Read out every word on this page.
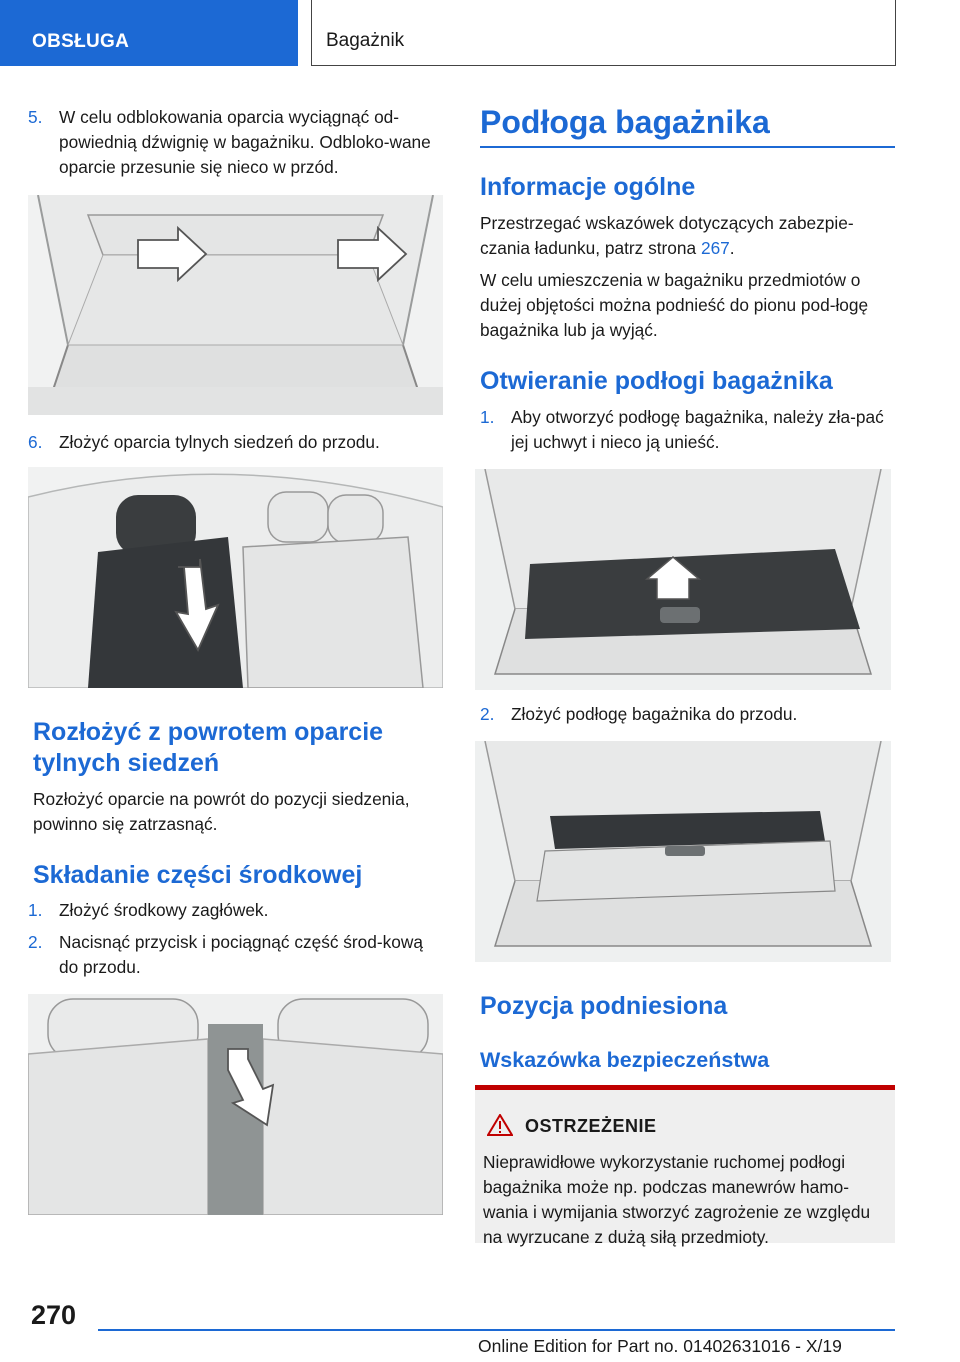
OBSŁUGA	Bagażnik
5. W celu odblokowania oparcia wyciągnąć od-powiednią dźwignię w bagażniku. Odbloko-wane oparcie przesunie się nieco w przód.
6. Złożyć oparcia tylnych siedzeń do przodu.
Rozłożyć z powrotem oparcie tylnych siedzeń
Rozłożyć oparcie na powrót do pozycji siedzenia, powinno się zatrzasnąć.
Składanie części środkowej
1. Złożyć środkowy zagłówek.
2. Nacisnąć przycisk i pociągnąć część środ-kową do przodu.
Podłoga bagażnika
Informacje ogólne
Przestrzegać wskazówek dotyczących zabezpie-czania ładunku, patrz strona 267.
W celu umieszczenia w bagażniku przedmiotów o dużej objętości można podnieść do pionu pod-łogę bagażnika lub ja wyjąć.
Otwieranie podłogi bagażnika
1. Aby otworzyć podłogę bagażnika, należy zła-pać jej uchwyt i nieco ją unieść.
2. Złożyć podłogę bagażnika do przodu.
Pozycja podniesiona
Wskazówka bezpieczeństwa
OSTRZEŻENIE
Nieprawidłowe wykorzystanie ruchomej podłogi bagażnika może np. podczas manewrów hamo-wania i wymijania stworzyć zagrożenie ze względu na wyrzucane z dużą siłą przedmioty.
270
Online Edition for Part no. 01402631016 - X/19
